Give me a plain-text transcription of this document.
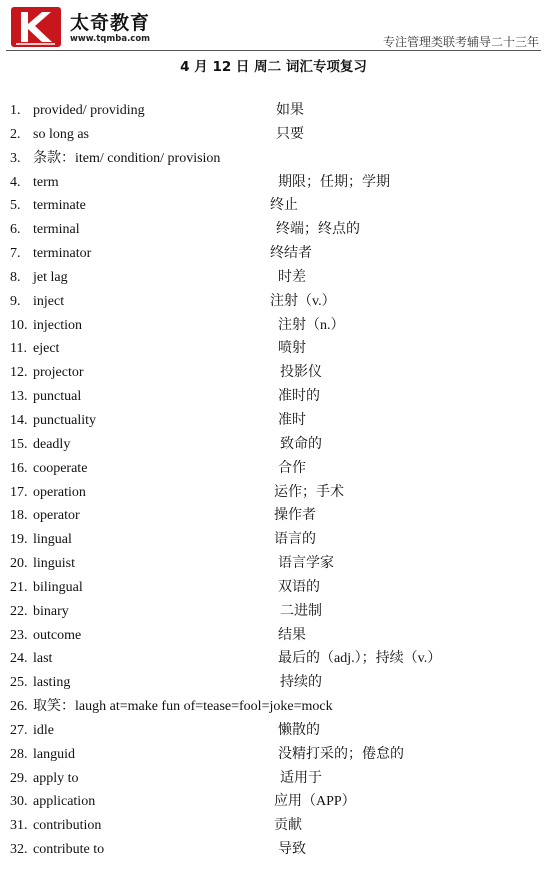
太奇教育
www.tqmba.com	专注管理类联考辅导二十三年
4 月 12 日 周二 词汇专项复习
1. provided/ providing	如果
2. so long as	只要
3. 条款：item/ condition/ provision
4. term	期限；任期；学期
5. terminate	终止
6. terminal	终端；终点的
7. terminator	终结者
8. jet lag	时差
9. inject	注射（v.）
10. injection	注射（n.）
11. eject	喷射
12. projector	投影仪
13. punctual	准时的
14. punctuality	准时
15. deadly	致命的
16. cooperate	合作
17. operation	运作；手术
18. operator	操作者
19. lingual	语言的
20. linguist	语言学家
21. bilingual	双语的
22. binary	二进制
23. outcome	结果
24. last	最后的（adj.）；持续（v.）
25. lasting	持续的
26. 取笑：laugh at=make fun of=tease=fool=joke=mock
27. idle	懒散的
28. languid	没精打采的；倦怠的
29. apply to	适用于
30. application	应用（APP）
31. contribution	贡献
32. contribute to	导致
